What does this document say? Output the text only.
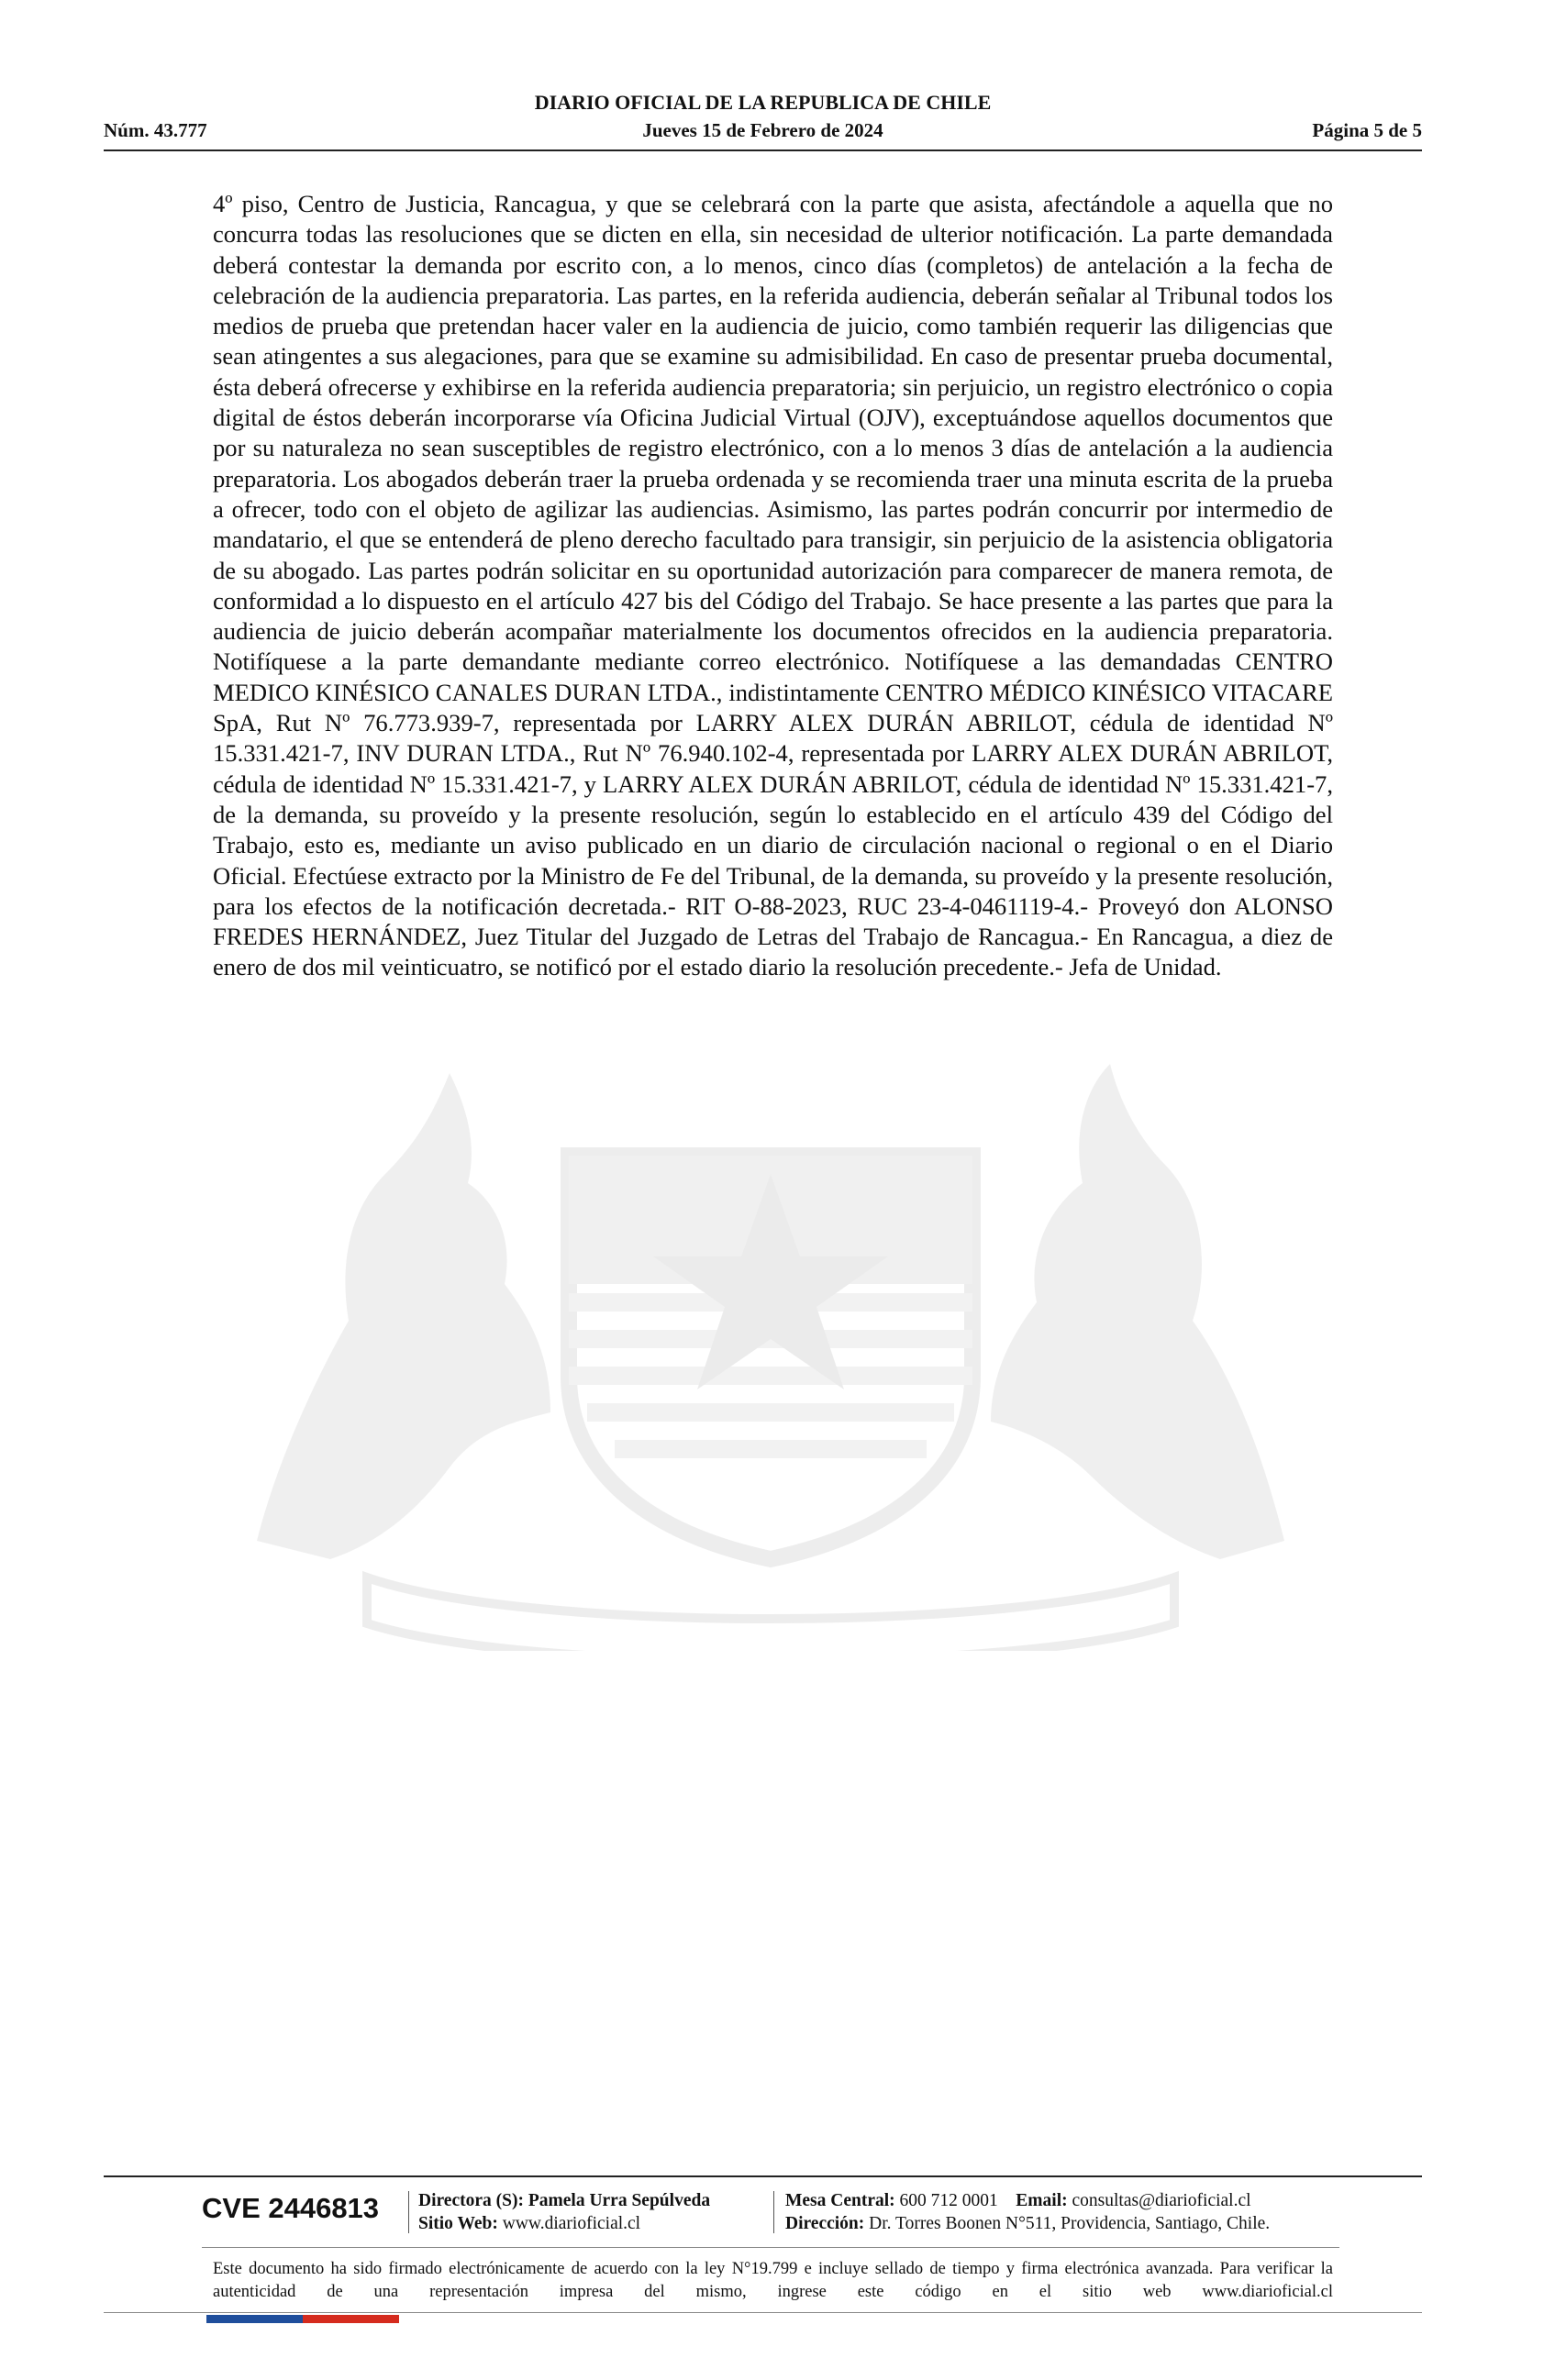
DIARIO OFICIAL DE LA REPUBLICA DE CHILE
Núm. 43.777	Jueves 15 de Febrero de 2024	Página 5 de 5
4º piso, Centro de Justicia, Rancagua, y que se celebrará con la parte que asista, afectándole a aquella que no concurra todas las resoluciones que se dicten en ella, sin necesidad de ulterior notificación. La parte demandada deberá contestar la demanda por escrito con, a lo menos, cinco días (completos) de antelación a la fecha de celebración de la audiencia preparatoria. Las partes, en la referida audiencia, deberán señalar al Tribunal todos los medios de prueba que pretendan hacer valer en la audiencia de juicio, como también requerir las diligencias que sean atingentes a sus alegaciones, para que se examine su admisibilidad. En caso de presentar prueba documental, ésta deberá ofrecerse y exhibirse en la referida audiencia preparatoria; sin perjuicio, un registro electrónico o copia digital de éstos deberán incorporarse vía Oficina Judicial Virtual (OJV), exceptuándose aquellos documentos que por su naturaleza no sean susceptibles de registro electrónico, con a lo menos 3 días de antelación a la audiencia preparatoria. Los abogados deberán traer la prueba ordenada y se recomienda traer una minuta escrita de la prueba a ofrecer, todo con el objeto de agilizar las audiencias. Asimismo, las partes podrán concurrir por intermedio de mandatario, el que se entenderá de pleno derecho facultado para transigir, sin perjuicio de la asistencia obligatoria de su abogado. Las partes podrán solicitar en su oportunidad autorización para comparecer de manera remota, de conformidad a lo dispuesto en el artículo 427 bis del Código del Trabajo. Se hace presente a las partes que para la audiencia de juicio deberán acompañar materialmente los documentos ofrecidos en la audiencia preparatoria. Notifíquese a la parte demandante mediante correo electrónico. Notifíquese a las demandadas CENTRO MEDICO KINÉSICO CANALES DURAN LTDA., indistintamente CENTRO MÉDICO KINÉSICO VITACARE SpA, Rut Nº 76.773.939-7, representada por LARRY ALEX DURÁN ABRILOT, cédula de identidad Nº 15.331.421-7, INV DURAN LTDA., Rut Nº 76.940.102-4, representada por LARRY ALEX DURÁN ABRILOT, cédula de identidad Nº 15.331.421-7, y LARRY ALEX DURÁN ABRILOT, cédula de identidad Nº 15.331.421-7, de la demanda, su proveído y la presente resolución, según lo establecido en el artículo 439 del Código del Trabajo, esto es, mediante un aviso publicado en un diario de circulación nacional o regional o en el Diario Oficial. Efectúese extracto por la Ministro de Fe del Tribunal, de la demanda, su proveído y la presente resolución, para los efectos de la notificación decretada.- RIT O-88-2023, RUC 23-4-0461119-4.- Proveyó don ALONSO FREDES HERNÁNDEZ, Juez Titular del Juzgado de Letras del Trabajo de Rancagua.- En Rancagua, a diez de enero de dos mil veinticuatro, se notificó por el estado diario la resolución precedente.- Jefa de Unidad.
CVE 2446813 Directora (S): Pamela Urra Sepúlveda
Sitio Web: www.diarioficial.cl
Mesa Central: 600 712 0001 Email: consultas@diarioficial.cl
Dirección: Dr. Torres Boonen N°511, Providencia, Santiago, Chile.
Este documento ha sido firmado electrónicamente de acuerdo con la ley N°19.799 e incluye sellado de tiempo y firma electrónica avanzada. Para verificar la autenticidad de una representación impresa del mismo, ingrese este código en el sitio web www.diarioficial.cl
